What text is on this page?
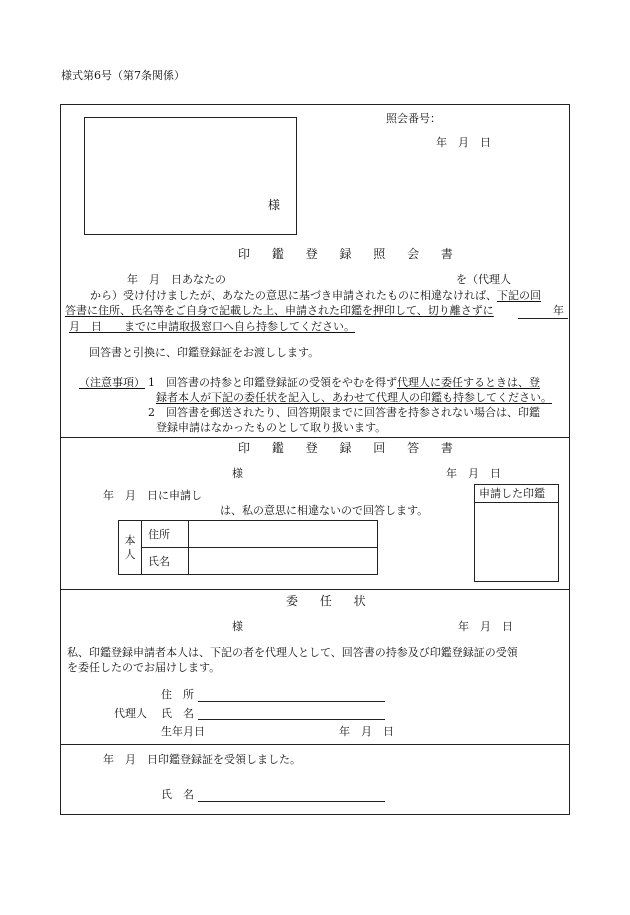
様式第6号（第7条関係）
様
照会番号：
年　月　日
印 鑑 登 録 照 会 書
年　月　日あなたの	を（代理人
から）受け付けましたが、あなたの意思に基づき申請されたものに相違なければ、下記の回
答書に住所、氏名等をご自身で記載した上、申請された印鑑を押印して、切り離さずに	年
月　日　　までに申請取扱窓口へ自ら持参してください。
回答書と引換に、印鑑登録証をお渡しします。
（注意事項） 1　回答書の持参と印鑑登録証の受領をやむを得ず代理人に委任するときは、登
録者本人が下記の委任状を記入し、あわせて代理人の印鑑も持参してください。
2　回答書を郵送されたり、回答期限までに回答書を持参されない場合は、印鑑
登録申請はなかったものとして取り扱います。
印 鑑 登 録 回 答 書
様	年　月　日
年　月　日に申請し
は、私の意思に相違ないので回答します。
申請した印鑑
本人	住所	
	氏名	
委 任 状
様	年　月　日
私、印鑑登録申請者本人は、下記の者を代理人として、回答書の持参及び印鑑登録証の受領
を委任したのでお届けします。
住　所
代理人 氏　名
生年月日	年　月　日
年　月　日印鑑登録証を受領しました。
氏　名
